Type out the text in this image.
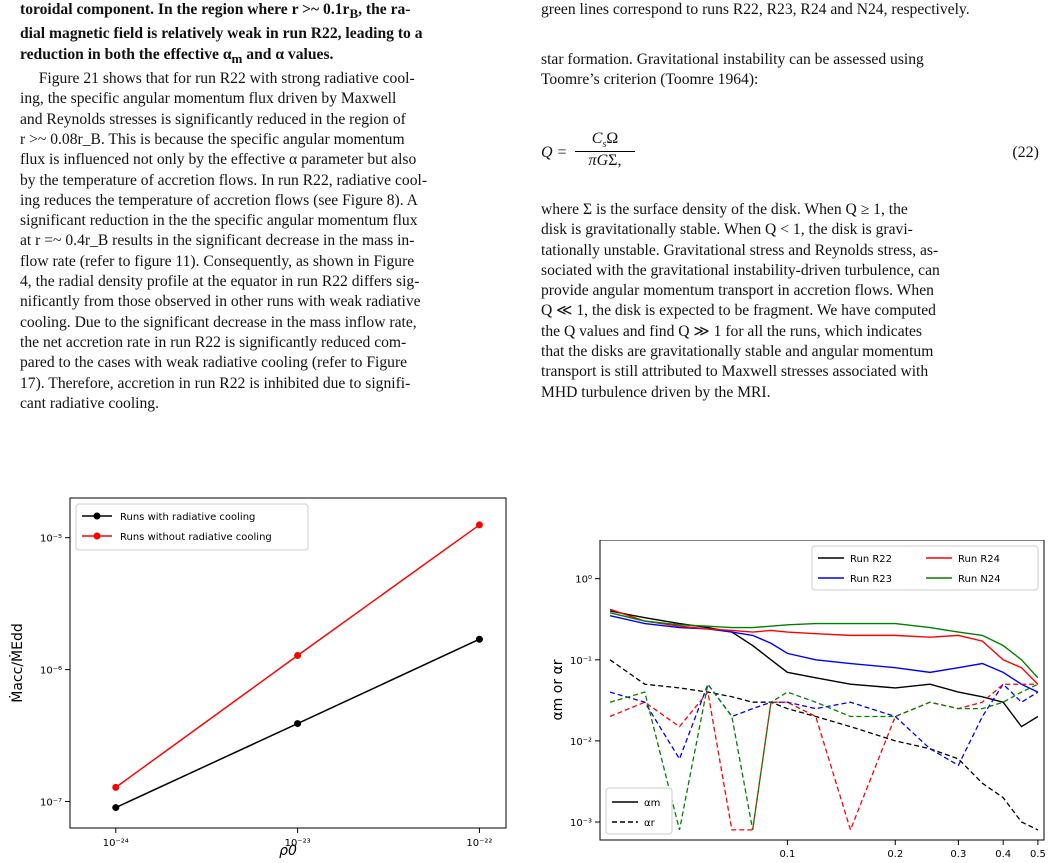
toroidal component. In the region where r >~ $0.1r_B$, the ra-
dial magnetic field is relatively weak in run R22, leading to a
reduction in both the effective $\alpha_m$ and α values.

Figure 21 shows that for run R22 with strong radiative cool-
ing, the specific angular momentum flux driven by Maxwell
and Reynolds stresses is significantly reduced in the region of
r >~ 0.08r_B. This is because the specific angular momentum
flux is influenced not only by the effective α parameter but also
by the temperature of accretion flows. In run R22, radiative cool-
ing reduces the temperature of accretion flows (see Figure 8). A
significant reduction in the the specific angular momentum flux
at r =~ 0.4r_B results in the significant decrease in the mass in-
flow rate (refer to figure 11). Consequently, as shown in Figure
4, the radial density profile at the equator in run R22 differs sig-
nificantly from those observed in other runs with weak radiative
cooling. Due to the significant decrease in the mass inflow rate,
the net accretion rate in run R22 is significantly reduced com-
pared to the cases with weak radiative cooling (refer to Figure
17). Therefore, accretion in run R22 is inhibited due to signifi-
cant radiative cooling.
green lines correspond to runs R22, R23, R24 and N24, respectively.
star formation. Gravitational instability can be assessed using
Toomre’s criterion (Toomre 1964):
Q =
$C_s\Omega$
πGΣ,	(22)
where Σ is the surface density of the disk. When Q ≥ 1, the
disk is gravitationally stable. When Q < 1, the disk is gravi-
tationally unstable. Gravitational stress and Reynolds stress, as-
sociated with the gravitational instability-driven turbulence, can
provide angular momentum transport in accretion flows. When
Q ≪ 1, the disk is expected to be fragment. We have computed
the Q values and find Q ≫ 1 for all the runs, which indicates
that the disks are gravitationally stable and angular momentum
transport is still attributed to Maxwell stresses associated with
MHD turbulence driven by the MRI.
10⁻²⁴	10⁻²³	10⁻²²
10⁻⁷
10⁻⁶
10⁻⁵
Runs with radiative cooling
Runs without radiative cooling
ρ0
Ṁacc/ṀEdd
0.1	0.2	0.3	0.4 0.5
10⁰
10⁻¹
10⁻²
10⁻³
Run R22
Run R23
Run R24
Run N24
αm
αr
αm or αr
